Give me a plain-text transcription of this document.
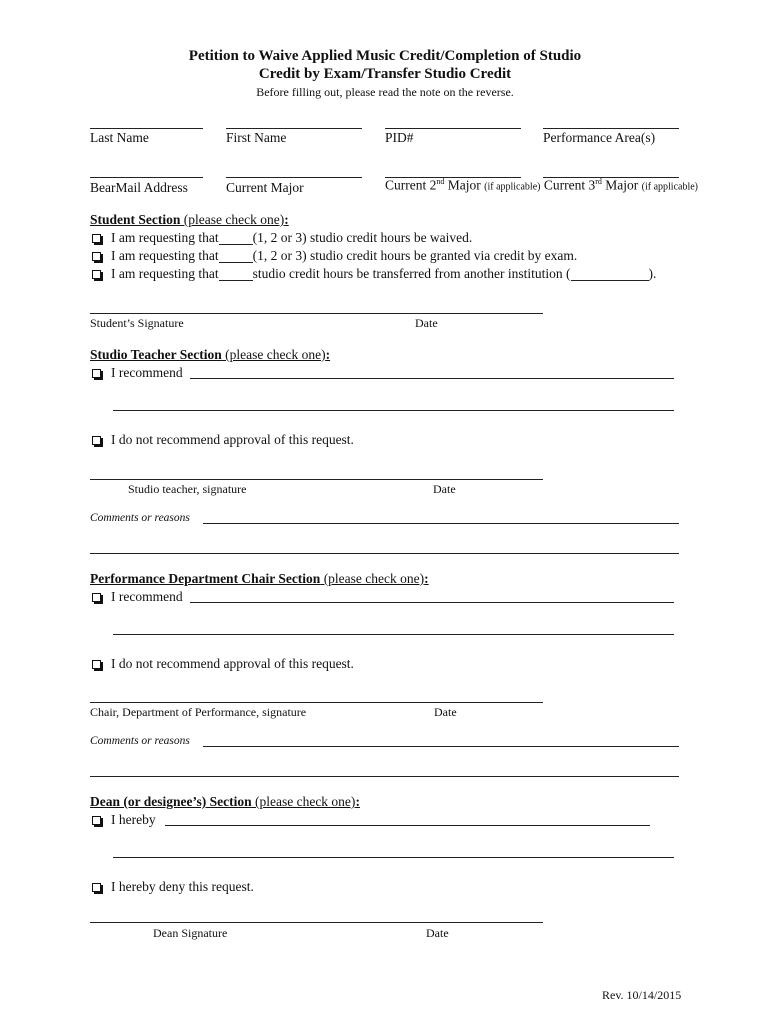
Petition to Waive Applied Music Credit/Completion of Studio
Credit by Exam/Transfer Studio Credit
Before filling out, please read the note on the reverse.
Last Name	First Name	PID#	Performance Area(s)
BearMail Address	Current Major	Current 2nd Major (if applicable) Current 3rd Major (if applicable)
Student Section (please check one):
I am requesting that	(1, 2 or 3) studio credit hours be waived.
I am requesting that	(1, 2 or 3) studio credit hours be granted via credit by exam.
I am requesting that	studio credit hours be transferred from another institution (	).
Student’s Signature	Date
Studio Teacher Section (please check one):
I recommend
I do not recommend approval of this request.
Studio teacher, signature	Date
Comments or reasons
Performance Department Chair Section (please check one):
I recommend
I do not recommend approval of this request.
Chair, Department of Performance, signature	Date
Comments or reasons
Dean (or designee’s) Section (please check one):
I hereby
I hereby deny this request.
Dean Signature	Date
Rev. 10/14/2015
